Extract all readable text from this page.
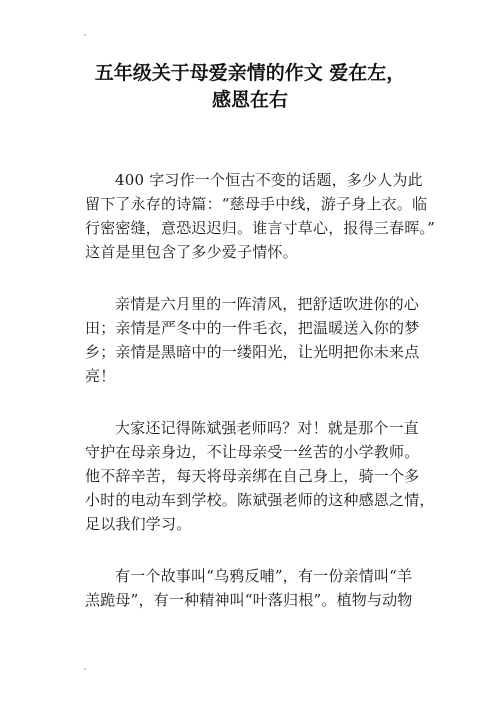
五年级关于母爱亲情的作文 爱在左，
感恩在右

400 字习作一个恒古不变的话题，多少人为此
留下了永存的诗篇：“慈母手中线，游子身上衣。临
行密密缝，意恐迟迟归。谁言寸草心，报得三春晖。”
这首是里包含了多少爱子情怀。

亲情是六月里的一阵清风，把舒适吹进你的心
田；亲情是严冬中的一件毛衣，把温暖送入你的梦
乡；亲情是黑暗中的一缕阳光，让光明把你未来点
亮！

大家还记得陈斌强老师吗？对！就是那个一直
守护在母亲身边，不让母亲受一丝苦的小学教师。
他不辞辛苦，每天将母亲绑在自己身上，骑一个多
小时的电动车到学校。陈斌强老师的这种感恩之情，
足以我们学习。

有一个故事叫“乌鸦反哺”，有一份亲情叫“羊
羔跪母”，有一种精神叫“叶落归根”。植物与动物
